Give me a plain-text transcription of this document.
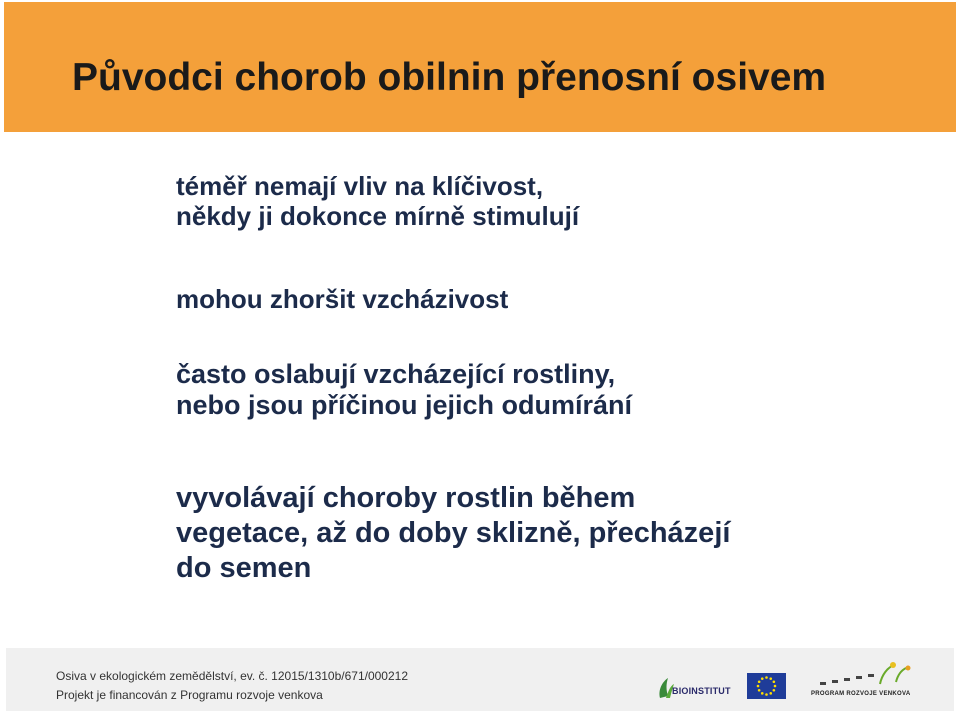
Původci chorob obilnin přenosní osivem
téměř nemají vliv na klíčivost,
někdy ji dokonce mírně stimulují
mohou zhoršit vzcházivost
často oslabují vzcházející rostliny,
nebo jsou příčinou jejich odumírání
vyvolávají choroby rostlin během
vegetace, až do doby sklizně, přecházejí
do semen
Osiva v ekologickém zemědělství, ev. č. 12015/1310b/671/000212
Projekt je financován z Programu rozvoje venkova	BIOINSTITUT	PROGRAM ROZVOJE VENKOVA
